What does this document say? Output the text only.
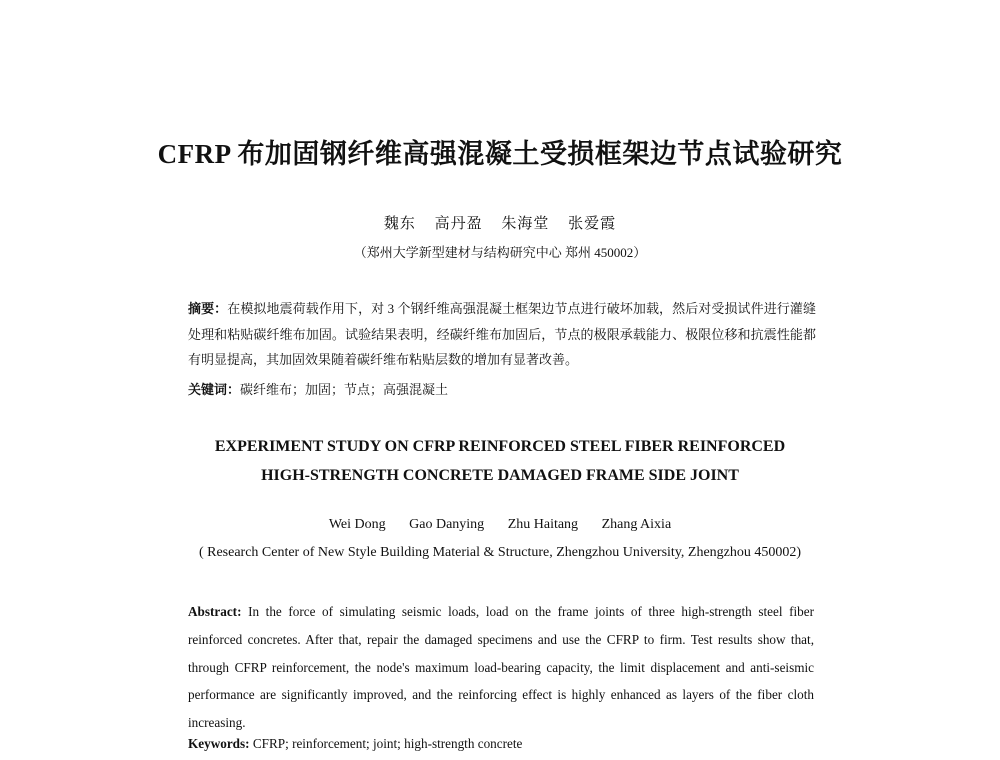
CFRP 布加固钢纤维高强混凝土受损框架边节点试验研究
魏东 高丹盈 朱海堂 张爱霞
（郑州大学新型建材与结构研究中心 郑州 450002）
摘要：在模拟地震荷载作用下，对 3 个钢纤维高强混凝土框架边节点进行破坏加载，然后对受损试件进行灌缝处理和粘贴碳纤维布加固。试验结果表明，经碳纤维布加固后，节点的极限承载能力、极限位移和抗震性能都有明显提高，其加固效果随着碳纤维布粘贴层数的增加有显著改善。
关键词：碳纤维布；加固；节点；高强混凝土
EXPERIMENT STUDY ON CFRP REINFORCED STEEL FIBER REINFORCED
HIGH-STRENGTH CONCRETE DAMAGED FRAME SIDE JOINT
Wei Dong Gao Danying Zhu Haitang Zhang Aixia
( Research Center of New Style Building Material & Structure, Zhengzhou University, Zhengzhou 450002)
Abstract: In the force of simulating seismic loads, load on the frame joints of three high-strength steel fiber reinforced concretes. After that, repair the damaged specimens and use the CFRP to firm. Test results show that, through CFRP reinforcement, the node's maximum load-bearing capacity, the limit displacement and anti-seismic performance are significantly improved, and the reinforcing effect is highly enhanced as layers of the fiber cloth increasing.
Keywords: CFRP; reinforcement; joint; high-strength concrete
